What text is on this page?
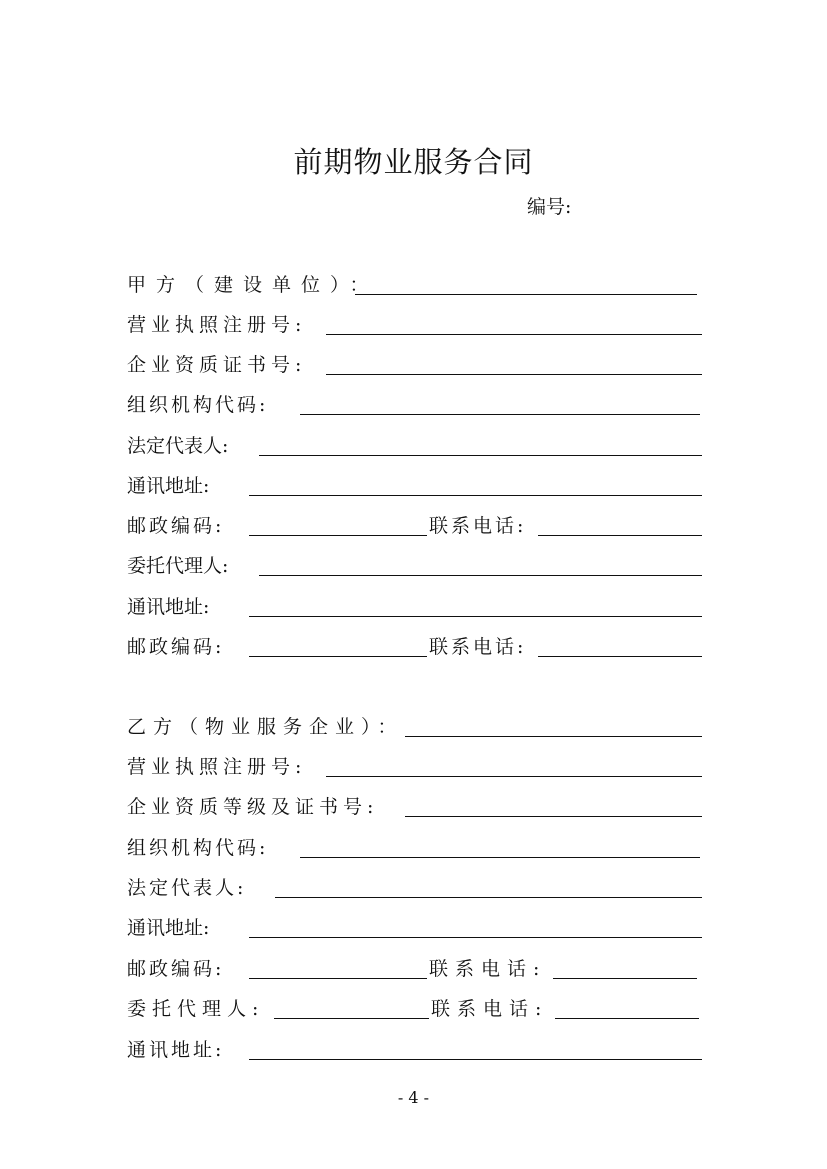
前期物业服务合同
编号:
甲方（建设单位）：
营业执照注册号:
企业资质证书号:
组织机构代码:
法定代表人:
通讯地址:
邮政编码:	联系电话:
委托代理人:
通讯地址:
邮政编码:	联系电话:
乙方（物业服务企业）：
营业执照注册号:
企业资质等级及证书号:
组织机构代码:
法定代表人:
通讯地址:
邮政编码:	联系电话:
委托代理人:	联系电话:
通讯地址:
- 4 -
